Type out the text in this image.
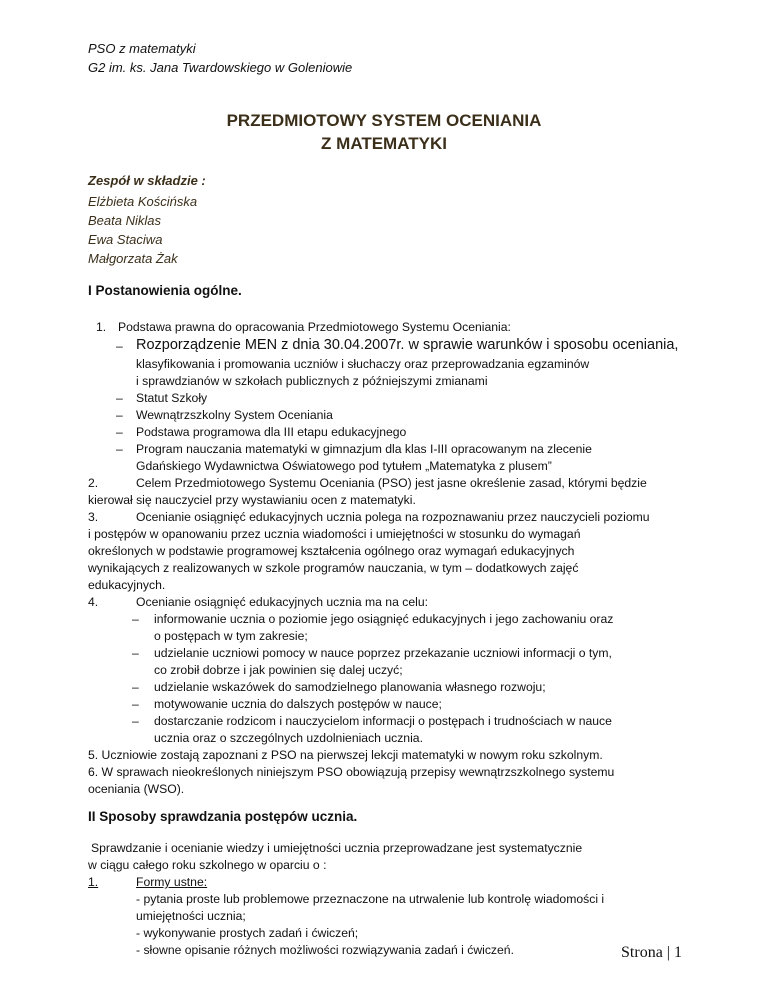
PSO z matematyki
G2 im. ks. Jana Twardowskiego w Goleniowie
PRZEDMIOTOWY SYSTEM OCENIANIA
Z MATEMATYKI
Zespół w składzie :
Elżbieta Kościńska
Beata Niklas
Ewa Staciwa
Małgorzata Żak
I Postanowienia ogólne.
1. Podstawa prawna do opracowania Przedmiotowego Systemu Oceniania:
– Rozporządzenie MEN z dnia 30.04.2007r. w sprawie warunków i sposobu oceniania,
klasyfikowania i promowania uczniów i słuchaczy oraz przeprowadzania egzaminów
i sprawdzianów w szkołach publicznych z późniejszymi zmianami
– Statut Szkoły
– Wewnątrzszkolny System Oceniania
– Podstawa programowa dla III etapu edukacyjnego
– Program nauczania matematyki w gimnazjum dla klas I-III opracowanym na zlecenie
Gdańskiego Wydawnictwa Oświatowego pod tytułem „Matematyka z plusem”
2.	Celem Przedmiotowego Systemu Oceniania (PSO) jest jasne określenie zasad, którymi będzie
kierował się nauczyciel przy wystawianiu ocen z matematyki.
3.	Ocenianie osiągnięć edukacyjnych ucznia polega na rozpoznawaniu przez nauczycieli poziomu
i postępów w opanowaniu przez ucznia wiadomości i umiejętności w stosunku do wymagań
określonych w podstawie programowej kształcenia ogólnego oraz wymagań edukacyjnych
wynikających z realizowanych w szkole programów nauczania, w tym – dodatkowych zajęć
edukacyjnych.
4.	Ocenianie osiągnięć edukacyjnych ucznia ma na celu:
– informowanie ucznia o poziomie jego osiągnięć edukacyjnych i jego zachowaniu oraz
o postępach w tym zakresie;
– udzielanie uczniowi pomocy w nauce poprzez przekazanie uczniowi informacji o tym,
co zrobił dobrze i jak powinien się dalej uczyć;
– udzielanie wskazówek do samodzielnego planowania własnego rozwoju;
– motywowanie ucznia do dalszych postępów w nauce;
– dostarczanie rodzicom i nauczycielom informacji o postępach i trudnościach w nauce
ucznia oraz o szczególnych uzdolnieniach ucznia.
5. Uczniowie zostają zapoznani z PSO na pierwszej lekcji matematyki w nowym roku szkolnym.
6. W sprawach nieokreślonych niniejszym PSO obowiązują przepisy wewnątrzszkolnego systemu
oceniania (WSO).
II Sposoby sprawdzania postępów ucznia.
Sprawdzanie i ocenianie wiedzy i umiejętności ucznia przeprowadzane jest systematycznie
w ciągu całego roku szkolnego w oparciu o :
1.	Formy ustne:
- pytania proste lub problemowe przeznaczone na utrwalenie lub kontrolę wiadomości i
umiejętności ucznia;
- wykonywanie prostych zadań i ćwiczeń;
- słowne opisanie różnych możliwości rozwiązywania zadań i ćwiczeń.	Strona | 1
